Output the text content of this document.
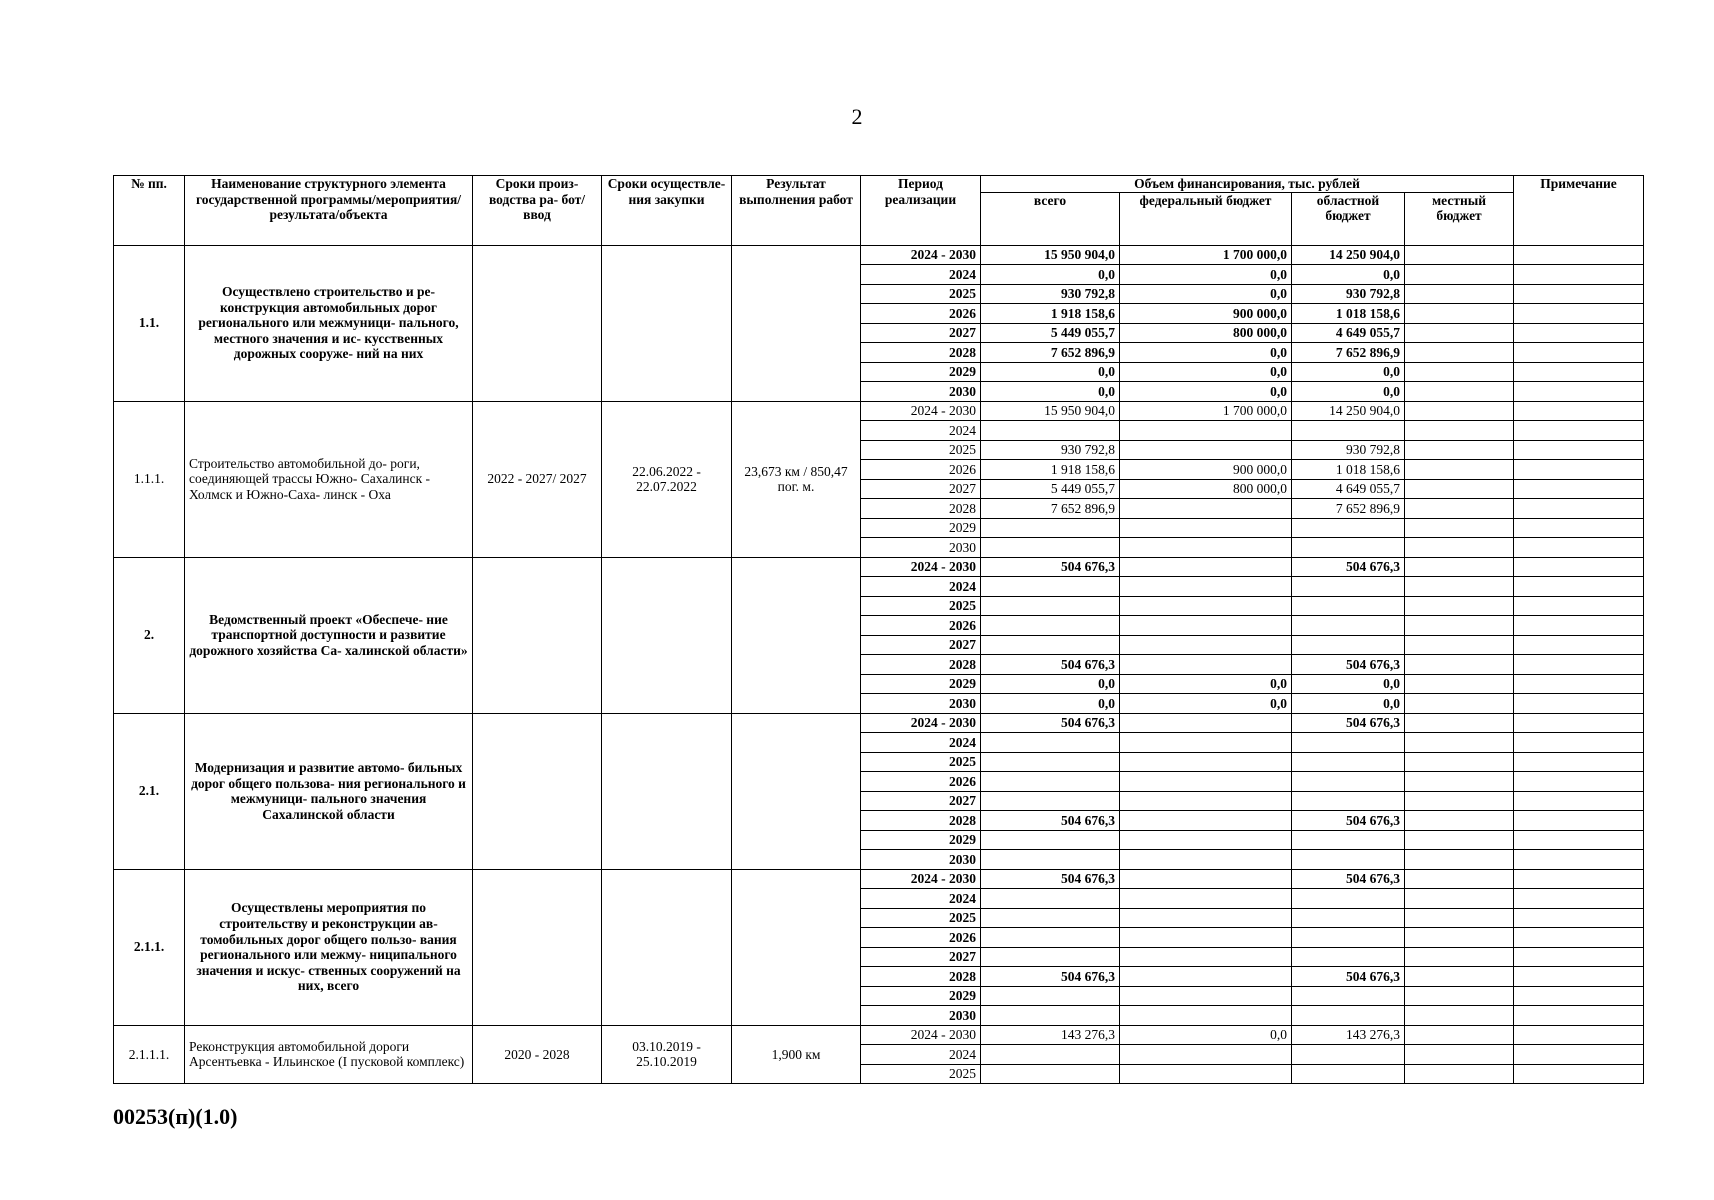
2
№ пп.	Наименование структурного элемента государственной программы/мероприятия/ результата/объекта	Сроки произ- водства ра- бот/ввод	Сроки осуществле- ния закупки	Результат выполнения работ	Период реализации	Объем финансирования, тыс. рублей				Примечание
						всего	федеральный бюджет	областной бюджет	местный бюджет	
1.1.	Осуществлено строительство и ре- конструкция автомобильных дорог регионального или межмуници- пального, местного значения и ис- кусственных дорожных сооруже- ний на них				2024 - 2030	15 950 904,0	1 700 000,0	14 250 904,0		
					2024	0,0	0,0	0,0		
					2025	930 792,8	0,0	930 792,8		
					2026	1 918 158,6	900 000,0	1 018 158,6		
					2027	5 449 055,7	800 000,0	4 649 055,7		
					2028	7 652 896,9	0,0	7 652 896,9		
					2029	0,0	0,0	0,0		
					2030	0,0	0,0	0,0		
1.1.1.	Строительство автомобильной до- роги, соединяющей трассы Южно- Сахалинск - Холмск и Южно-Саха- линск - Оха	2022 - 2027/ 2027	22.06.2022 - 22.07.2022	23,673 км / 850,47 пог. м.	2024 - 2030	15 950 904,0	1 700 000,0	14 250 904,0		
					2024					
					2025	930 792,8		930 792,8		
					2026	1 918 158,6	900 000,0	1 018 158,6		
					2027	5 449 055,7	800 000,0	4 649 055,7		
					2028	7 652 896,9		7 652 896,9		
					2029					
					2030					
2.	Ведомственный проект «Обеспече- ние транспортной доступности и развитие дорожного хозяйства Са- халинской области»				2024 - 2030	504 676,3		504 676,3		
					2024					
					2025					
					2026					
					2027					
					2028	504 676,3		504 676,3		
					2029	0,0	0,0	0,0		
					2030	0,0	0,0	0,0		
2.1.	Модернизация и развитие автомо- бильных дорог общего пользова- ния регионального и межмуници- пального значения Сахалинской области				2024 - 2030	504 676,3		504 676,3		
					2024					
					2025					
					2026					
					2027					
					2028	504 676,3		504 676,3		
					2029					
					2030					
2.1.1.	Осуществлены мероприятия по строительству и реконструкции ав- томобильных дорог общего пользо- вания регионального или межму- ниципального значения и искус- ственных сооружений на них, всего				2024 - 2030	504 676,3		504 676,3		
					2024					
					2025					
					2026					
					2027					
					2028	504 676,3		504 676,3		
					2029					
					2030					
2.1.1.1.	Реконструкция автомобильной дороги Арсентьевка - Ильинское (I пусковой комплекс)	2020 - 2028	03.10.2019 - 25.10.2019	1,900 км	2024 - 2030	143 276,3	0,0	143 276,3		
					2024					
					2025					
00253(п)(1.0)
